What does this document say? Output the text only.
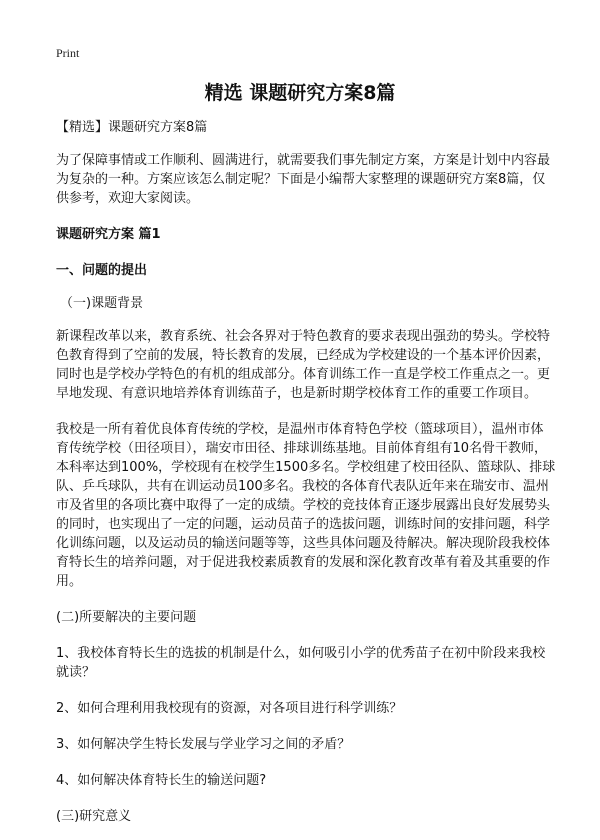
Print
精选 课题研究方案8篇

【精选】课题研究方案8篇

为了保障事情或工作顺利、圆满进行，就需要我们事先制定方案，方案是计划中内容最为复杂的一种。方案应该怎么制定呢？下面是小编帮大家整理的课题研究方案8篇，仅供参考，欢迎大家阅读。

课题研究方案 篇1

一、问题的提出

（一)课题背景

新课程改革以来，教育系统、社会各界对于特色教育的要求表现出强劲的势头。学校特色教育得到了空前的发展，特长教育的发展，已经成为学校建设的一个基本评价因素，同时也是学校办学特色的有机的组成部分。体育训练工作一直是学校工作重点之一。更早地发现、有意识地培养体育训练苗子，也是新时期学校体育工作的重要工作项目。

我校是一所有着优良体育传统的学校，是温州市体育特色学校（篮球项目），温州市体育传统学校（田径项目），瑞安市田径、排球训练基地。目前体育组有10名骨干教师，本科率达到100%，学校现有在校学生1500多名。学校组建了校田径队、篮球队、排球队、乒乓球队，共有在训运动员100多名。我校的各体育代表队近年来在瑞安市、温州市及省里的各项比赛中取得了一定的成绩。学校的竞技体育正逐步展露出良好发展势头的同时，也实现出了一定的问题，运动员苗子的选拔问题，训练时间的安排问题，科学化训练问题，以及运动员的输送问题等等，这些具体问题及待解决。解决现阶段我校体育特长生的培养问题，对于促进我校素质教育的发展和深化教育改革有着及其重要的作用。

(二)所要解决的主要问题

1、我校体育特长生的选拔的机制是什么，如何吸引小学的优秀苗子在初中阶段来我校就读？

2、如何合理利用我校现有的资源，对各项目进行科学训练？

3、如何解决学生特长发展与学业学习之间的矛盾？

4、如何解决体育特长生的输送问题?

(三)研究意义
